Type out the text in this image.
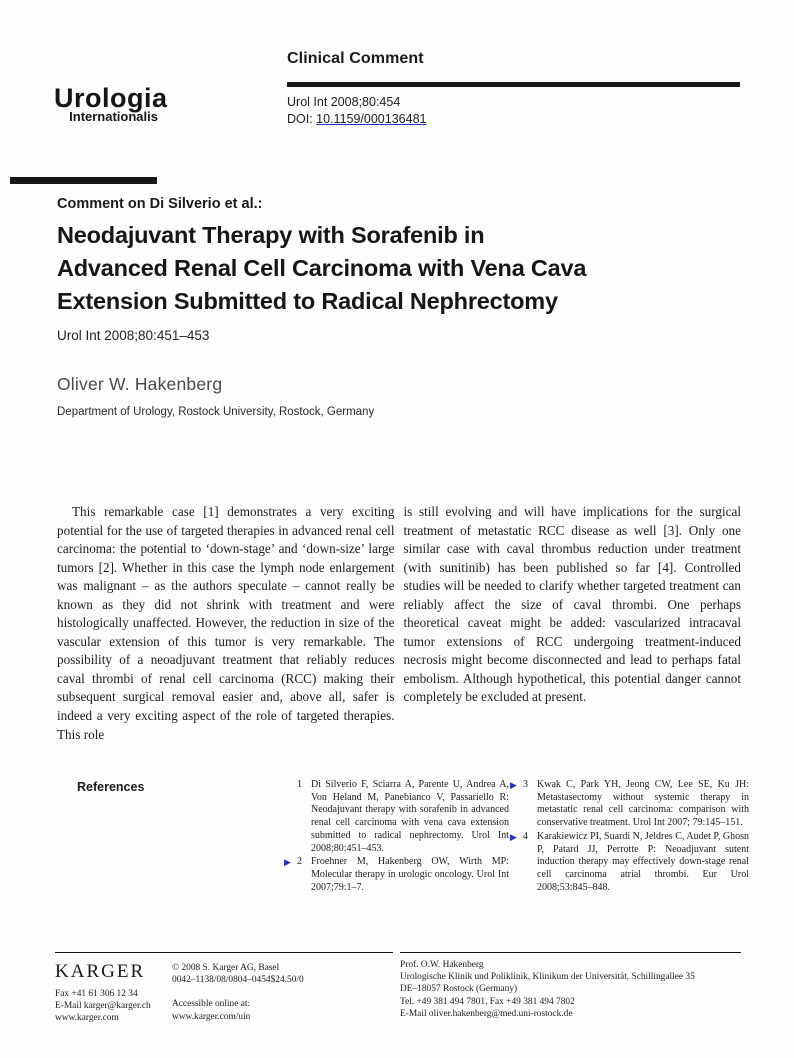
Urologia
Internationalis
Clinical Comment
Urol Int 2008;80:454
DOI: 10.1159/000136481
Comment on Di Silverio et al.:
Neodajuvant Therapy with Sorafenib in
Advanced Renal Cell Carcinoma with Vena Cava
Extension Submitted to Radical Nephrectomy
Urol Int 2008;80:451–453
Oliver W. Hakenberg
Department of Urology, Rostock University, Rostock, Germany

This remarkable case [1] demonstrates a very exciting potential for the use of targeted therapies in advanced renal cell carcinoma: the potential to ‘down-stage’ and ‘down-size’ large tumors [2]. Whether in this case the lymph node enlargement was malignant – as the authors speculate – cannot really be known as they did not shrink with treatment and were histologically unaffected. However, the reduction in size of the vascular extension of this tumor is very remarkable. The possibility of a neoadjuvant treatment that reliably reduces caval thrombi of renal cell carcinoma (RCC) making their subsequent surgical removal easier and, above all, safer is indeed a very exciting aspect of the role of targeted therapies. This role

is still evolving and will have implications for the surgical treatment of metastatic RCC disease as well [3]. Only one similar case with caval thrombus reduction under treatment (with sunitinib) has been published so far [4]. Controlled studies will be needed to clarify whether targeted treatment can reliably affect the size of caval thrombi. One perhaps theoretical caveat might be added: vascularized intracaval tumor extensions of RCC undergoing treatment-induced necrosis might become disconnected and lead to perhaps fatal embolism. Although hypothetical, this potential danger cannot completely be excluded at present.

References	1 Di Silverio F, Sciarra A, Parente U, Andrea A, Von Heland M, Panebianco V, Passariello R: Neodajuvant therapy with sorafenib in advanced renal cell carcinoma with vena cava extension submitted to radical nephrectomy. Urol Int 2008;80:451–453.
▶ 2 Froehner M, Hakenberg OW, Wirth MP: Molecular therapy in urologic oncology. Urol Int 2007;79:1–7.
▶ 3 Kwak C, Park YH, Jeong CW, Lee SE, Ku JH: Metastasectomy without systemic therapy in metastatic renal cell carcinoma: comparison with conservative treatment. Urol Int 2007; 79:145–151.
▶ 4 Karakiewicz PI, Suardi N, Jeldres C, Audet P, Ghosn P, Patard JJ, Perrotte P: Neoadjuvant sutent induction therapy may effectively down-stage renal cell carcinoma atrial thrombi. Eur Urol 2008;53:845–848.
KARGER
Fax +41 61 306 12 34
E-Mail karger@karger.ch
www.karger.com
© 2008 S. Karger AG, Basel
0042–1138/08/0804–0454$24.50/0
Accessible online at:
www.karger.com/uin
Prof. O.W. Hakenberg
Urologische Klinik und Poliklinik, Klinikum der Universität, Schillingallee 35
DE–18057 Rostock (Germany)
Tel. +49 381 494 7801, Fax +49 381 494 7802
E-Mail oliver.hakenberg@med.uni-rostock.de
